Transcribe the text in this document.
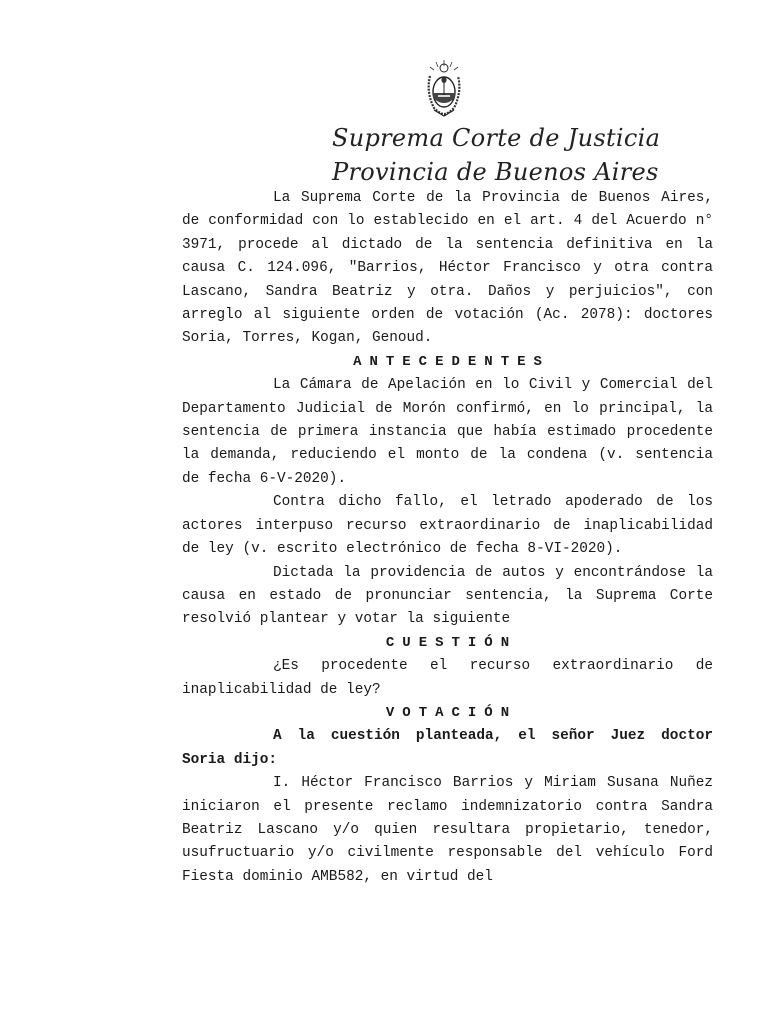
Suprema Corte de Justicia
Provincia de Buenos Aires

La Suprema Corte de la Provincia de Buenos Aires, de conformidad con lo establecido en el art. 4 del Acuerdo n° 3971, procede al dictado de la sentencia definitiva en la causa C. 124.096, "Barrios, Héctor Francisco y otra contra Lascano, Sandra Beatriz y otra. Daños y perjuicios", con arreglo al siguiente orden de votación (Ac. 2078): doctores Soria, Torres, Kogan, Genoud.

ANTECEDENTES

La Cámara de Apelación en lo Civil y Comercial del Departamento Judicial de Morón confirmó, en lo principal, la sentencia de primera instancia que había estimado procedente la demanda, reduciendo el monto de la condena (v. sentencia de fecha 6-V-2020).

Contra dicho fallo, el letrado apoderado de los actores interpuso recurso extraordinario de inaplicabilidad de ley (v. escrito electrónico de fecha 8-VI-2020).

Dictada la providencia de autos y encontrándose la causa en estado de pronunciar sentencia, la Suprema Corte resolvió plantear y votar la siguiente

CUESTIÓN

¿Es procedente el recurso extraordinario de inaplicabilidad de ley?

VOTACIÓN

A la cuestión planteada, el señor Juez doctor Soria dijo:

I. Héctor Francisco Barrios y Miriam Susana Nuñez iniciaron el presente reclamo indemnizatorio contra Sandra Beatriz Lascano y/o quien resultara propietario, tenedor, usufructuario y/o civilmente responsable del vehículo Ford Fiesta dominio AMB582, en virtud del
